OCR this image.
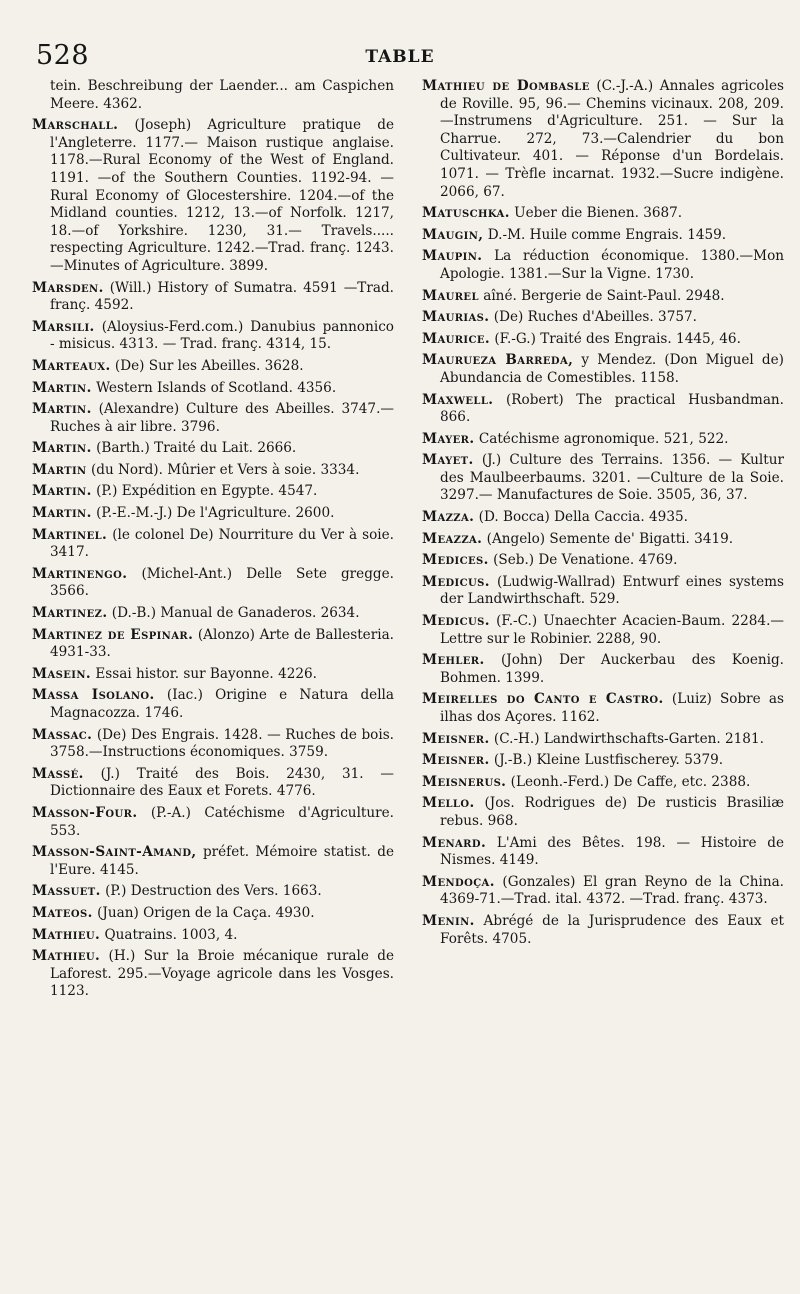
528	TABLE

tein. Beschreibung der Laender... am Caspichen Meere. 4362.

Marschall. (Joseph) Agriculture pratique de l'Angleterre. 1177.— Maison rustique anglaise. 1178.—Rural Economy of the West of England. 1191. —of the Southern Counties. 1192-94. —Rural Economy of Glocestershire. 1204.—of the Midland counties. 1212, 13.—of Norfolk. 1217, 18.—of Yorkshire. 1230, 31.— Travels..... respecting Agriculture. 1242.—Trad. franç. 1243.—Minutes of Agriculture. 3899.

Marsden. (Will.) History of Sumatra. 4591 —Trad. franç. 4592.

Marsili. (Aloysius-Ferd.com.) Danubius pannonico - misicus. 4313. — Trad. franç. 4314, 15.

Marteaux. (De) Sur les Abeilles. 3628.

Martin. Western Islands of Scotland. 4356.

Martin. (Alexandre) Culture des Abeilles. 3747.—Ruches à air libre. 3796.

Martin. (Barth.) Traité du Lait. 2666.

Martin (du Nord). Mûrier et Vers à soie. 3334.

Martin. (P.) Expédition en Egypte. 4547.

Martin. (P.-E.-M.-J.) De l'Agriculture. 2600.

Martinel. (le colonel De) Nourriture du Ver à soie. 3417.

Martinengo. (Michel-Ant.) Delle Sete gregge. 3566.

Martinez. (D.-B.) Manual de Ganaderos. 2634.

Martinez de Espinar. (Alonzo) Arte de Ballesteria. 4931-33.

Masein. Essai histor. sur Bayonne. 4226.

Massa Isolano. (Iac.) Origine e Natura della Magnacozza. 1746.

Massac. (De) Des Engrais. 1428. — Ruches de bois. 3758.—Instructions économiques. 3759.

Massé. (J.) Traité des Bois. 2430, 31. — Dictionnaire des Eaux et Forets. 4776.

Masson-Four. (P.-A.) Catéchisme d'Agriculture. 553.

Masson-Saint-Amand, préfet. Mémoire statist. de l'Eure. 4145.

Massuet. (P.) Destruction des Vers. 1663.

Mateos. (Juan) Origen de la Caça. 4930.

Mathieu. Quatrains. 1003, 4.

Mathieu. (H.) Sur la Broie mécanique rurale de Laforest. 295.—Voyage agricole dans les Vosges. 1123.

Mathieu de Dombasle (C.-J.-A.) Annales agricoles de Roville. 95, 96.— Chemins vicinaux. 208, 209.—Instrumens d'Agriculture. 251. — Sur la Charrue. 272, 73.—Calendrier du bon Cultivateur. 401. — Réponse d'un Bordelais. 1071. — Trèfle incarnat. 1932.—Sucre indigène. 2066, 67.

Matuschka. Ueber die Bienen. 3687.

Maugin, D.-M. Huile comme Engrais. 1459.

Maupin. La réduction économique. 1380.—Mon Apologie. 1381.—Sur la Vigne. 1730.

Maurel aîné. Bergerie de Saint-Paul. 2948.

Maurias. (De) Ruches d'Abeilles. 3757.

Maurice. (F.-G.) Traité des Engrais. 1445, 46.

Maurueza Barreda, y Mendez. (Don Miguel de) Abundancia de Comestibles. 1158.

Maxwell. (Robert) The practical Husbandman. 866.

Mayer. Catéchisme agronomique. 521, 522.

Mayet. (J.) Culture des Terrains. 1356. — Kultur des Maulbeerbaums. 3201. —Culture de la Soie. 3297.— Manufactures de Soie. 3505, 36, 37.

Mazza. (D. Bocca) Della Caccia. 4935.

Meazza. (Angelo) Semente de' Bigatti. 3419.

Medices. (Seb.) De Venatione. 4769.

Medicus. (Ludwig-Wallrad) Entwurf eines systems der Landwirthschaft. 529.

Medicus. (F.-C.) Unaechter Acacien-Baum. 2284.—Lettre sur le Robinier. 2288, 90.

Mehler. (John) Der Auckerbau des Koenig. Bohmen. 1399.

Meirelles do Canto e Castro. (Luiz) Sobre as ilhas dos Açores. 1162.

Meisner. (C.-H.) Landwirthschafts-Garten. 2181.

Meisner. (J.-B.) Kleine Lustfischerey. 5379.

Meisnerus. (Leonh.-Ferd.) De Caffe, etc. 2388.

Mello. (Jos. Rodrigues de) De rusticis Brasiliæ rebus. 968.

Menard. L'Ami des Bêtes. 198. — Histoire de Nismes. 4149.

Mendoça. (Gonzales) El gran Reyno de la China. 4369-71.—Trad. ital. 4372. —Trad. franç. 4373.

Menin. Abrégé de la Jurisprudence des Eaux et Forêts. 4705.
